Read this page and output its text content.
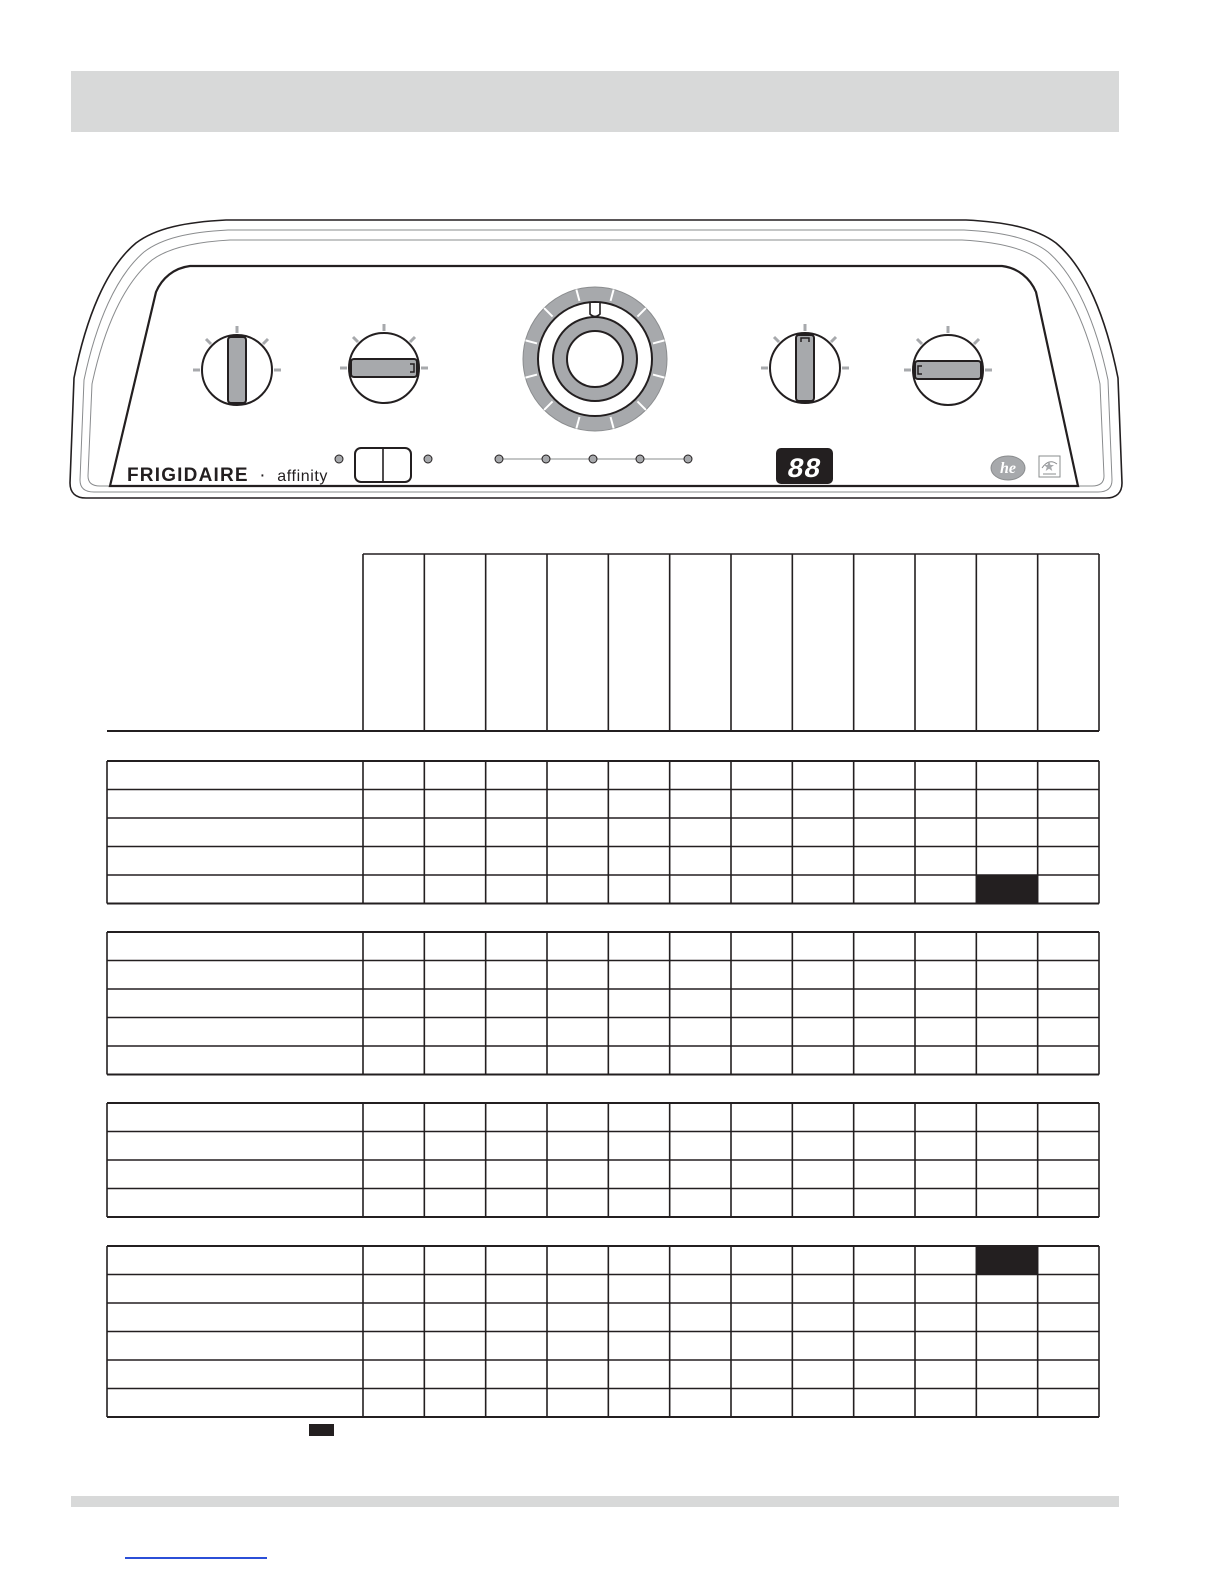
FRIGIDAIRE · affinity	88	he
